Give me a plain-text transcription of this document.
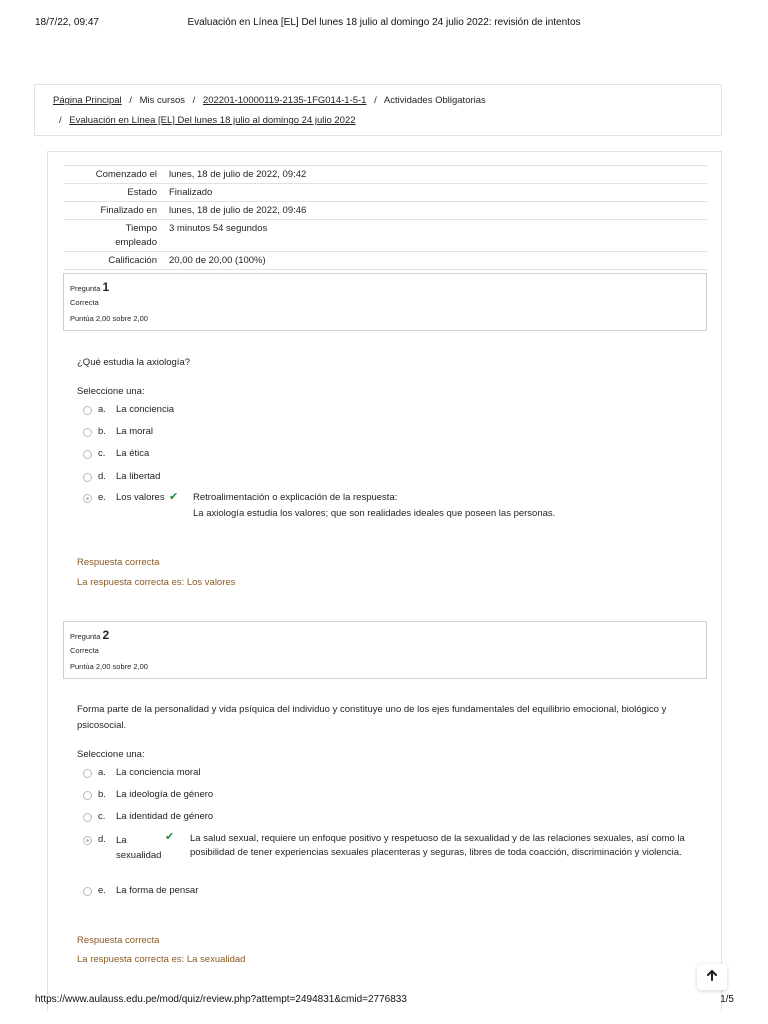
18/7/22, 09:47	Evaluación en Línea [EL] Del lunes 18 julio al domingo 24 julio 2022: revisión de intentos
Página Principal / Mis cursos / 202201-10000119-2135-1FG014-1-5-1 / Actividades Obligatorias
/ Evaluación en Línea [EL] Del lunes 18 julio al domingo 24 julio 2022
Comenzado el	lunes, 18 de julio de 2022, 09:42
Estado	Finalizado
Finalizado en	lunes, 18 de julio de 2022, 09:46
Tiempo empleado	3 minutos 54 segundos
Calificación	20,00 de 20,00 (100%)
Pregunta 1
Correcta
Puntúa 2,00 sobre 2,00
¿Qué estudia la axiología?
Seleccione una:
a. La conciencia
b. La moral
c. La ética
d. La libertad
e. Los valores ✔ Retroalimentación o explicación de la respuesta:
La axiología estudia los valores; que son realidades ideales que poseen las personas.
Respuesta correcta
La respuesta correcta es: Los valores
Pregunta 2
Correcta
Puntúa 2,00 sobre 2,00
Forma parte de la personalidad y vida psíquica del individuo y constituye uno de los ejes fundamentales del equilibrio emocional, biológico y psicosocial.
Seleccione una:
a. La conciencia moral
b. La ideología de género
c. La identidad de género
d. La sexualidad
✔ La salud sexual, requiere un enfoque positivo y respetuoso de la sexualidad y de las relaciones sexuales, así como la posibilidad de tener experiencias sexuales placenteras y seguras, libres de toda coacción, discriminación y violencia.
e. La forma de pensar
Respuesta correcta
La respuesta correcta es: La sexualidad
https://www.aulauss.edu.pe/mod/quiz/review.php?attempt=2494831&cmid=2776833	1/5
